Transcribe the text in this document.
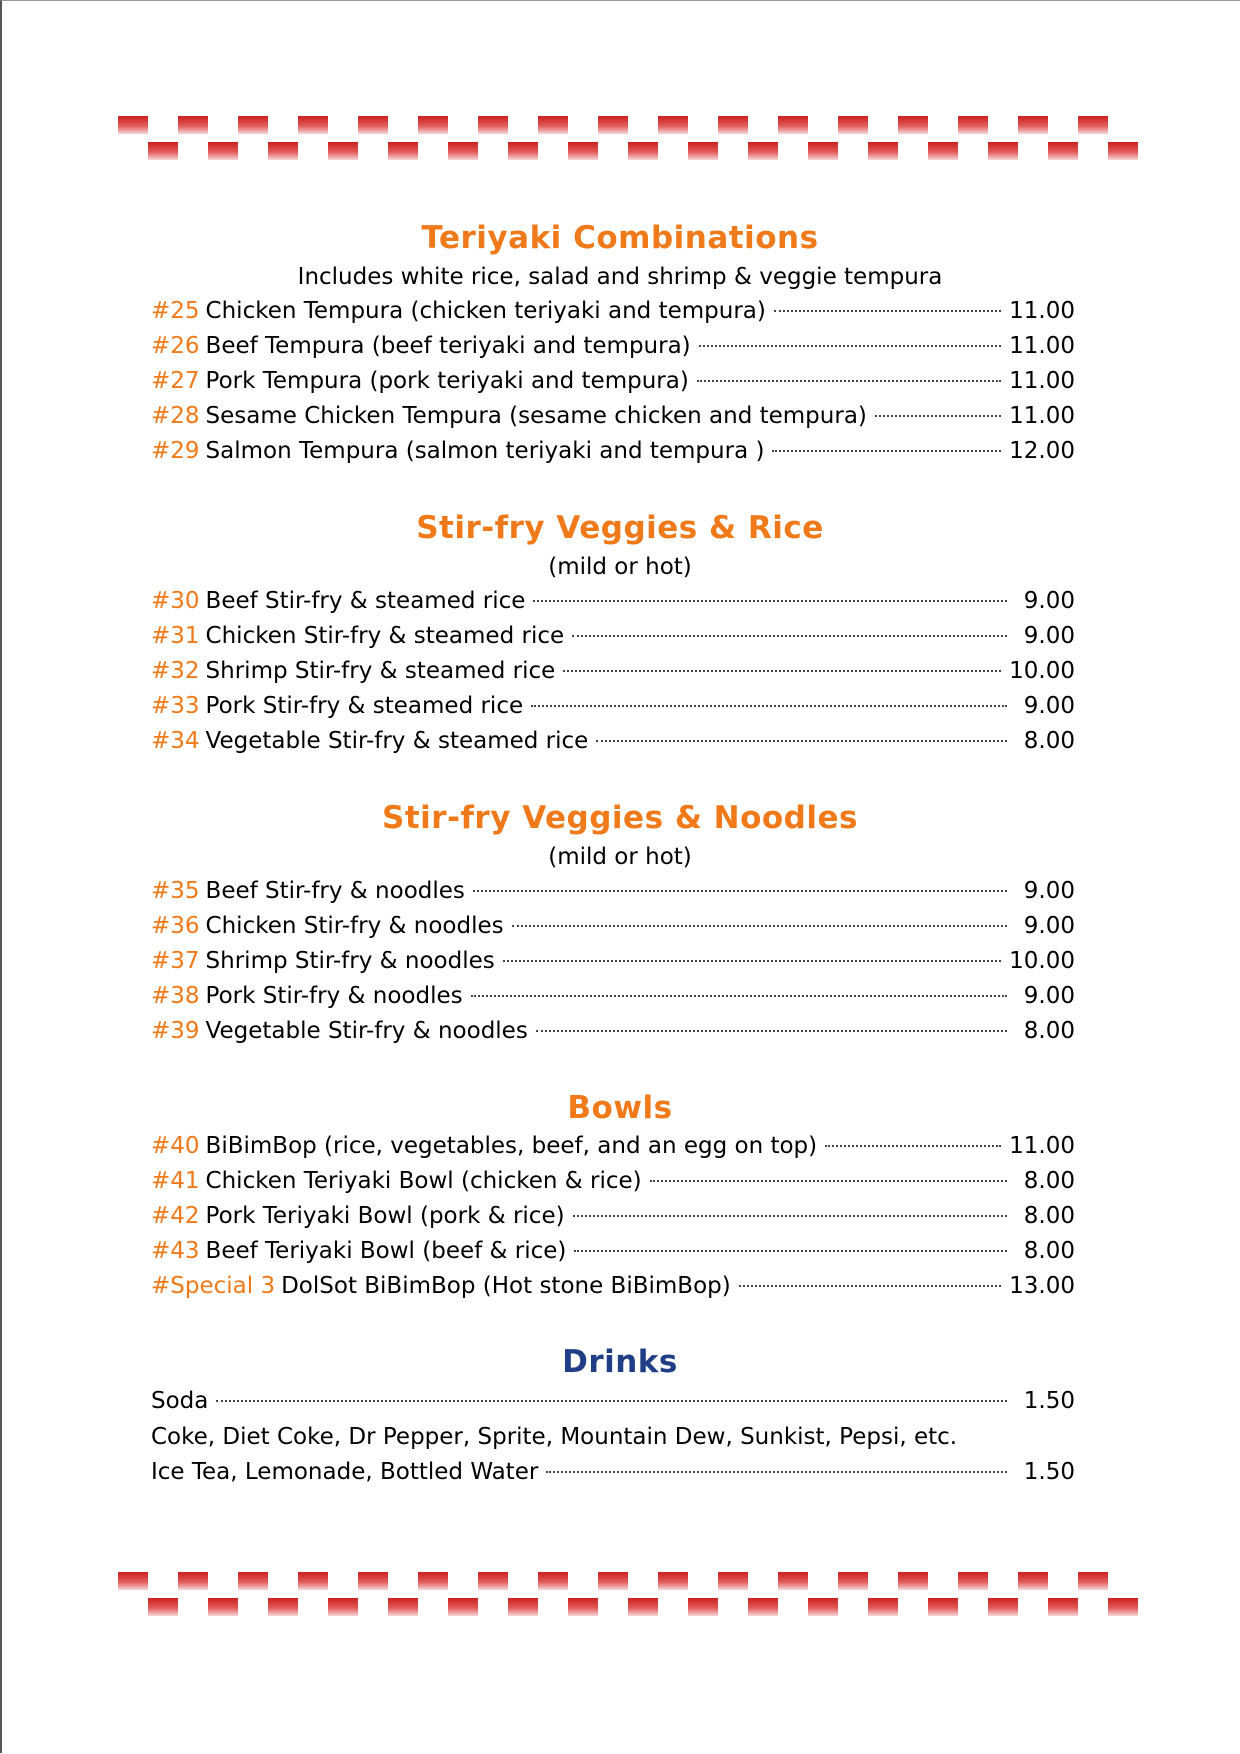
Teriyaki Combinations
Includes white rice, salad and shrimp & veggie tempura
#25 Chicken Tempura (chicken teriyaki and tempura)	11.00
#26 Beef Tempura (beef teriyaki and tempura)	11.00
#27 Pork Tempura (pork teriyaki and tempura)	11.00
#28 Sesame Chicken Tempura (sesame chicken and tempura)	11.00
#29 Salmon Tempura (salmon teriyaki and tempura )	12.00
Stir-fry Veggies & Rice
(mild or hot)
#30 Beef Stir-fry & steamed rice	9.00
#31 Chicken Stir-fry & steamed rice	9.00
#32 Shrimp Stir-fry & steamed rice	10.00
#33 Pork Stir-fry & steamed rice	9.00
#34 Vegetable Stir-fry & steamed rice	8.00
Stir-fry Veggies & Noodles
(mild or hot)
#35 Beef Stir-fry & noodles	9.00
#36 Chicken Stir-fry & noodles	9.00
#37 Shrimp Stir-fry & noodles	10.00
#38 Pork Stir-fry & noodles	9.00
#39 Vegetable Stir-fry & noodles	8.00
Bowls
#40 BiBimBop (rice, vegetables, beef, and an egg on top)	11.00
#41 Chicken Teriyaki Bowl (chicken & rice)	8.00
#42 Pork Teriyaki Bowl (pork & rice)	8.00
#43 Beef Teriyaki Bowl (beef & rice)	8.00
#Special 3 DolSot BiBimBop (Hot stone BiBimBop)	13.00
Drinks
Soda	1.50
Coke, Diet Coke, Dr Pepper, Sprite, Mountain Dew, Sunkist, Pepsi, etc.
Ice Tea, Lemonade, Bottled Water	1.50
